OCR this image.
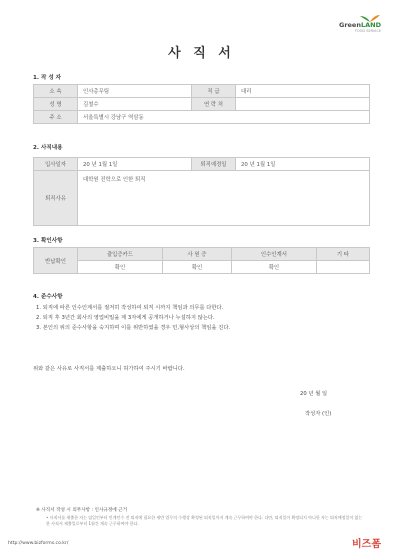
GreenLAND
FOOD SERVICE
사 직 서
1. 작 성 자
소 속	인사총무팀	직 급	대리
성 명	김철수	연 락 처	
주 소	서울특별시 강남구 역삼동		
2. 사직내용
입사일자	20 년 1월 1일	퇴직예정일	20 년 1월 1일
퇴직사유	대학원 진학으로 인한 퇴직		
3. 확인사항
반납확인	출입증카드	사 원 증	인수인계서	기 타
	확인	확인	확인	
4. 준수사항
1. 퇴직에 따른 인수인계서를 절저히 작성하여 퇴직 시까지 책임과 의무를 다한다.
2. 퇴직 후 3년간 회사의 영업비밀을 제 3자에게 공개하거나 누설하지 않는다.
3. 본인의 위의 준수사항을 숙지하며 이를 위반하였을 경우 민,형사상의 책임을 진다.
위와 같은 사유로 사직서를 제출하오니 허가하여 주시기 바랍니다.
20 년 월 일
작성자 (인)
※ 사직서 작성 시 의무사항 : 인사규정에 근거
• 사직서를 제출한 자는 임일인부터 인계인수 전 퇴직에 필요한 제반 업무의 수행상 확정된 퇴직일까지 계속 근무하여야 한다. 다만, 퇴직일이 확정되지 아니한 자는 퇴직예정일이 없는 한 사직서 제출일로부터 1월간 계속 근무하여야 한다.
http://www.bizforms.co.kr/	비즈폼
